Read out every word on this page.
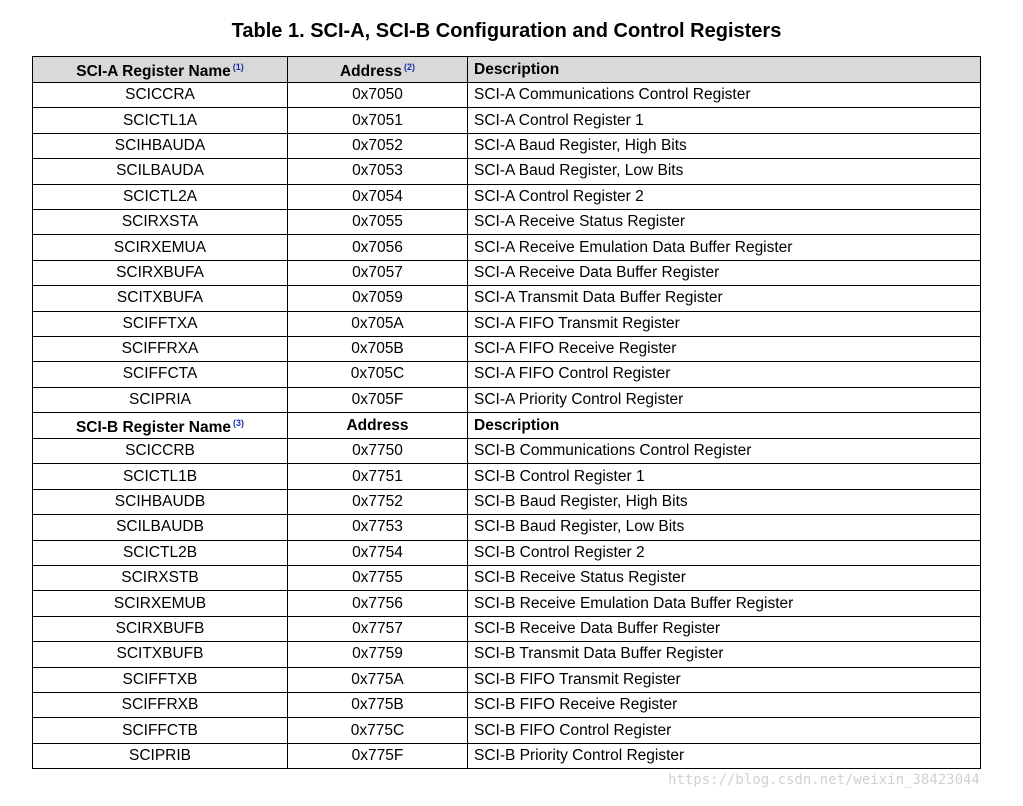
Table 1. SCI-A, SCI-B Configuration and Control Registers
SCI-A Register Name $^{(1)}$	Address $^{(2)}$	Description
SCICCRA	0x7050	SCI-A Communications Control Register
SCICTL1A	0x7051	SCI-A Control Register 1
SCIHBAUDA	0x7052	SCI-A Baud Register, High Bits
SCILBAUDA	0x7053	SCI-A Baud Register, Low Bits
SCICTL2A	0x7054	SCI-A Control Register 2
SCIRXSTA	0x7055	SCI-A Receive Status Register
SCIRXEMUA	0x7056	SCI-A Receive Emulation Data Buffer Register
SCIRXBUFA	0x7057	SCI-A Receive Data Buffer Register
SCITXBUFA	0x7059	SCI-A Transmit Data Buffer Register
SCIFFTXA	0x705A	SCI-A FIFO Transmit Register
SCIFFRXA	0x705B	SCI-A FIFO Receive Register
SCIFFCTA	0x705C	SCI-A FIFO Control Register
SCIPRIA	0x705F	SCI-A Priority Control Register
SCI-B Register Name $^{(3)}$	Address	Description
SCICCRB	0x7750	SCI-B Communications Control Register
SCICTL1B	0x7751	SCI-B Control Register 1
SCIHBAUDB	0x7752	SCI-B Baud Register, High Bits
SCILBAUDB	0x7753	SCI-B Baud Register, Low Bits
SCICTL2B	0x7754	SCI-B Control Register 2
SCIRXSTB	0x7755	SCI-B Receive Status Register
SCIRXEMUB	0x7756	SCI-B Receive Emulation Data Buffer Register
SCIRXBUFB	0x7757	SCI-B Receive Data Buffer Register
SCITXBUFB	0x7759	SCI-B Transmit Data Buffer Register
SCIFFTXB	0x775A	SCI-B FIFO Transmit Register
SCIFFRXB	0x775B	SCI-B FIFO Receive Register
SCIFFCTB	0x775C	SCI-B FIFO Control Register
SCIPRIB	0x775F	SCI-B Priority Control Register
https://blog.csdn.net/weixin_38423044
